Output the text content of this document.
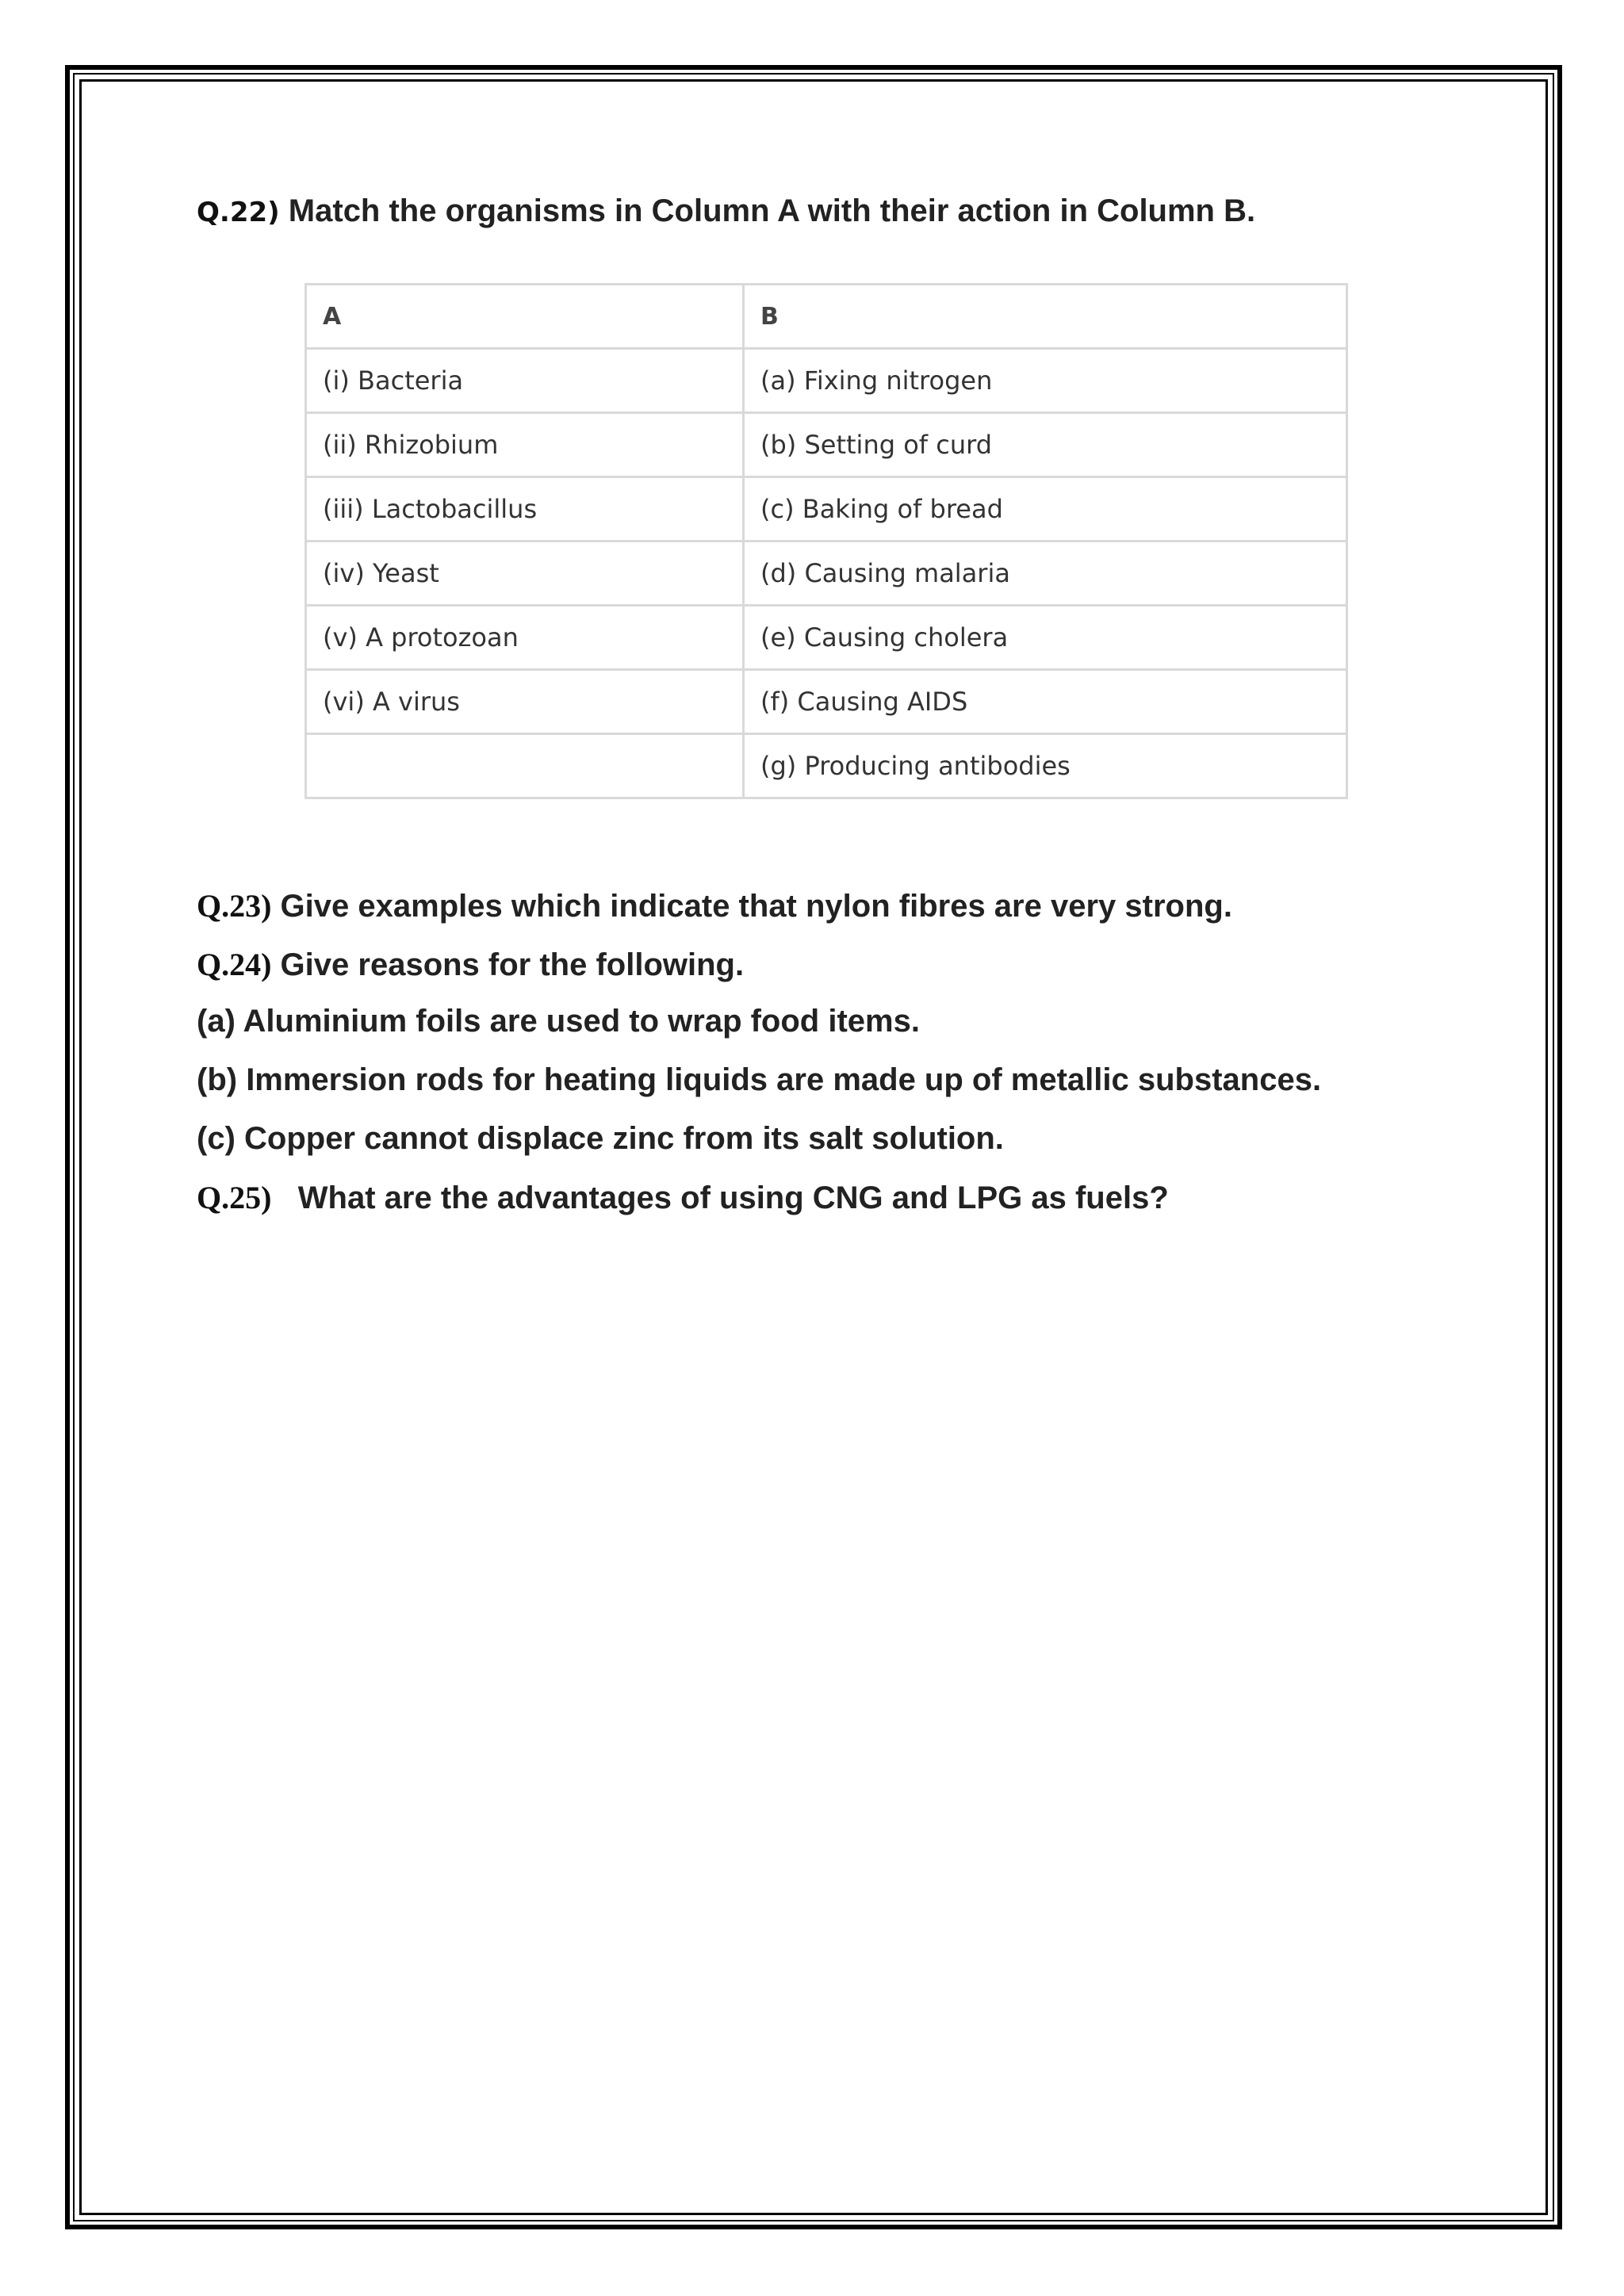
Q.22) Match the organisms in Column A with their action in Column B.
A	B
(i) Bacteria	(a) Fixing nitrogen
(ii) Rhizobium	(b) Setting of curd
(iii) Lactobacillus	(c) Baking of bread
(iv) Yeast	(d) Causing malaria
(v) A protozoan	(e) Causing cholera
(vi) A virus	(f) Causing AIDS
	(g) Producing antibodies
Q.23) Give examples which indicate that nylon fibres are very strong.
Q.24) Give reasons for the following.
(a) Aluminium foils are used to wrap food items.
(b) Immersion rods for heating liquids are made up of metallic substances.
(c) Copper cannot displace zinc from its salt solution.
Q.25)   What are the advantages of using CNG and LPG as fuels?
